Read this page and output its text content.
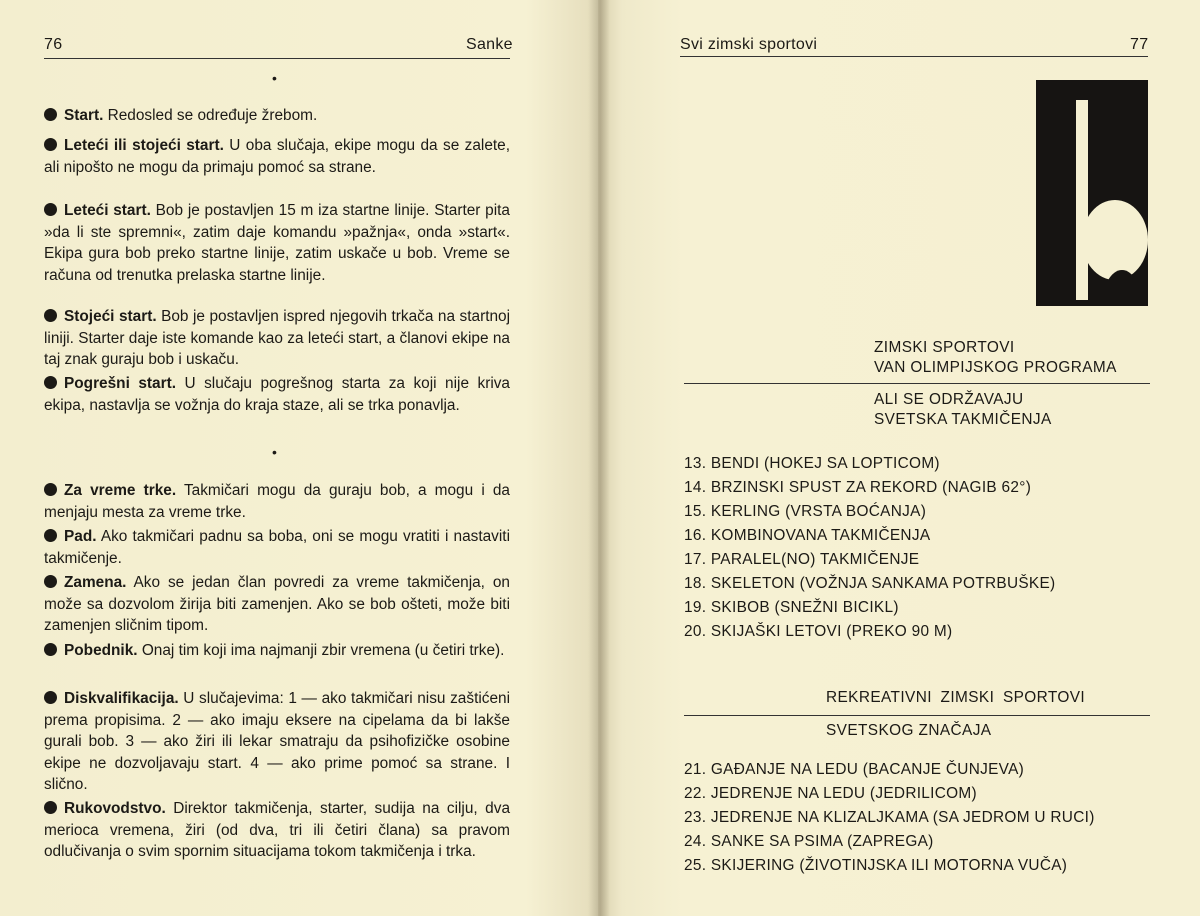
76	Sanke
•
Start. Redosled se određuje žrebom.
Leteći ili stojeći start. U oba slučaja, ekipe mogu da se zalete, ali nipošto ne mogu da primaju pomoć sa strane.
Leteći start. Bob je postavljen 15 m iza startne linije. Starter pita »da li ste spremni«, zatim daje komandu »pažnja«, onda »start«. Ekipa gura bob preko startne linije, zatim uskače u bob. Vreme se računa od trenutka prelaska startne linije.
Stojeći start. Bob je postavljen ispred njegovih trkača na startnoj liniji. Starter daje iste komande kao za leteći start, a članovi ekipe na taj znak guraju bob i uskaču.
Pogrešni start. U slučaju pogrešnog starta za koji nije kriva ekipa, nastavlja se vožnja do kraja staze, ali se trka ponavlja.
•
Za vreme trke. Takmičari mogu da guraju bob, a mogu i da menjaju mesta za vreme trke.
Pad. Ako takmičari padnu sa boba, oni se mogu vratiti i nastaviti takmičenje.
Zamena. Ako se jedan član povredi za vreme takmičenja, on može sa dozvolom žirija biti zamenjen. Ako se bob ošteti, može biti zamenjen sličnim tipom.
Pobednik. Onaj tim koji ima najmanji zbir vremena (u četiri trke).
Diskvalifikacija. U slučajevima: 1 — ako takmičari nisu zaštićeni prema propisima. 2 — ako imaju eksere na cipelama da bi lakše gurali bob. 3 — ako žiri ili lekar smatraju da psihofizičke osobine ekipe ne dozvoljavaju start. 4 — ako prime pomoć sa strane. I slično.
Rukovodstvo. Direktor takmičenja, starter, sudija na cilju, dva merioca vremena, žiri (od dva, tri ili četiri člana) sa pravom odlučivanja o svim spornim situacijama tokom takmičenja i trka.
Svi zimski sportovi	77
ZIMSKI SPORTOVI
VAN OLIMPIJSKOG PROGRAMA
ALI SE ODRŽAVAJU
SVETSKA TAKMIČENJA
13. BENDI (HOKEJ SA LOPTICOM)
14. BRZINSKI SPUST ZA REKORD (NAGIB 62°)
15. KERLING (VRSTA BOĆANJA)
16. KOMBINOVANA TAKMIČENJA
17. PARALEL(NO) TAKMIČENJE
18. SKELETON (VOŽNJA SANKAMA POTRBUŠKE)
19. SKIBOB (SNEŽNI BICIKL)
20. SKIJAŠKI LETOVI (PREKO 90 M)
REKREATIVNI ZIMSKI SPORTOVI
SVETSKOG ZNAČAJA
21. GAĐANJE NA LEDU (BACANJE ČUNJEVA)
22. JEDRENJE NA LEDU (JEDRILICOM)
23. JEDRENJE NA KLIZALJKAMA (SA JEDROM U RUCI)
24. SANKE SA PSIMA (ZAPREGA)
25. SKIJERING (ŽIVOTINJSKA ILI MOTORNA VUČA)
